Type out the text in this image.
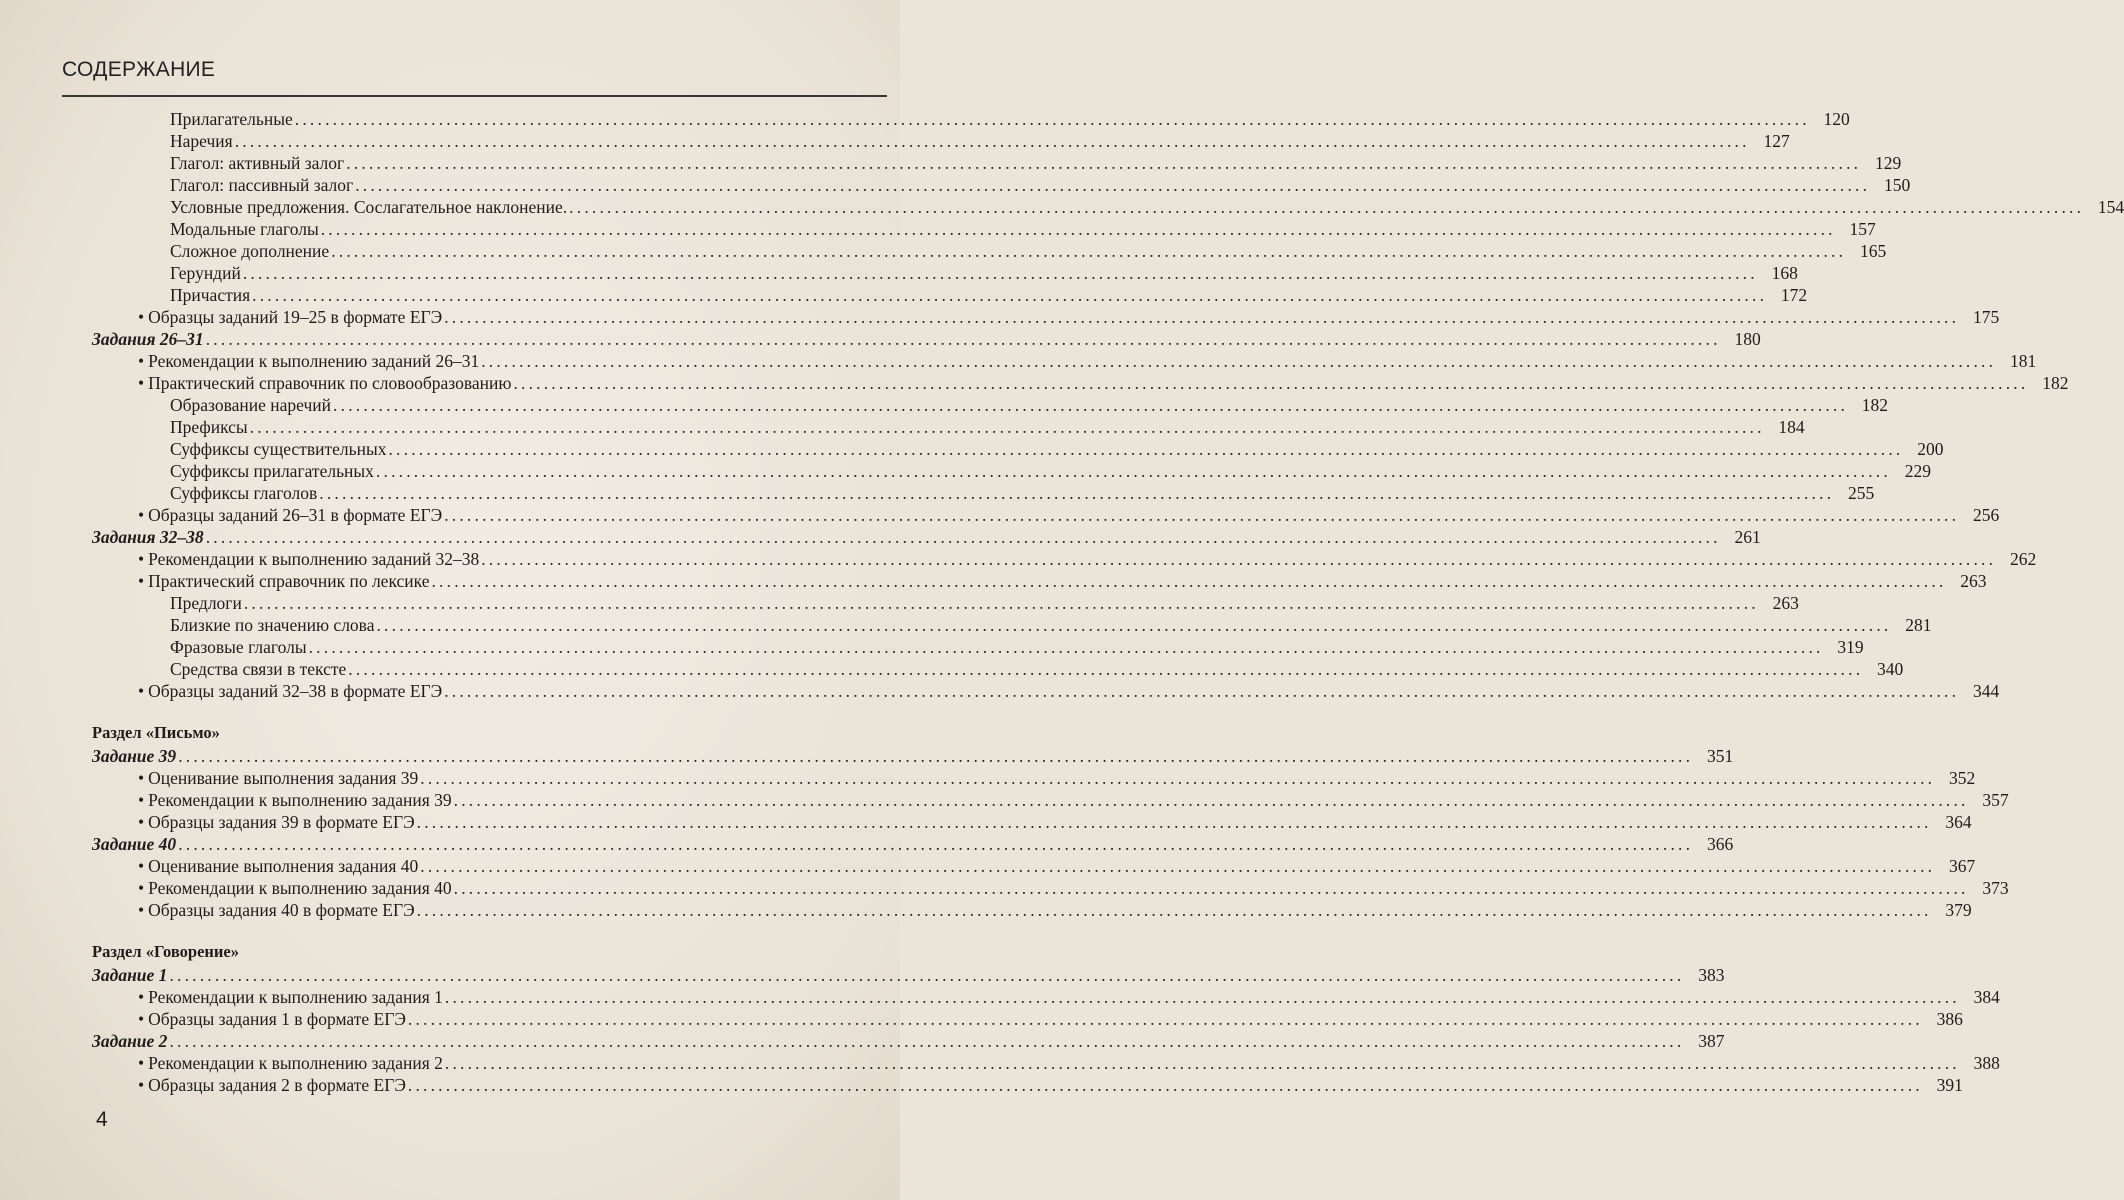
СОДЕРЖАНИЕ
Прилагательные ........................................................................................................................................................................................................ 120
Наречия ........................................................................................................................................................................................................ 127
Глагол: активный залог ........................................................................................................................................................................................................ 129
Глагол: пассивный залог ........................................................................................................................................................................................................ 150
Условные предложения. Сослагательное наклонение. ........................................................................................................................................................................................................ 154
Модальные глаголы ........................................................................................................................................................................................................ 157
Сложное дополнение ........................................................................................................................................................................................................ 165
Герундий ........................................................................................................................................................................................................ 168
Причастия ........................................................................................................................................................................................................ 172
• Образцы заданий 19–25 в формате ЕГЭ ........................................................................................................................................................................................................ 175
Задания 26–31 ........................................................................................................................................................................................................ 180
• Рекомендации к выполнению заданий 26–31 ........................................................................................................................................................................................................ 181
• Практический справочник по словообразованию ........................................................................................................................................................................................................ 182
Образование наречий ........................................................................................................................................................................................................ 182
Префиксы ........................................................................................................................................................................................................ 184
Суффиксы существительных ........................................................................................................................................................................................................ 200
Суффиксы прилагательных ........................................................................................................................................................................................................ 229
Суффиксы глаголов ........................................................................................................................................................................................................ 255
• Образцы заданий 26–31 в формате ЕГЭ ........................................................................................................................................................................................................ 256
Задания 32–38 ........................................................................................................................................................................................................ 261
• Рекомендации к выполнению заданий 32–38 ........................................................................................................................................................................................................ 262
• Практический справочник по лексике ........................................................................................................................................................................................................ 263
Предлоги ........................................................................................................................................................................................................ 263
Близкие по значению слова ........................................................................................................................................................................................................ 281
Фразовые глаголы ........................................................................................................................................................................................................ 319
Средства связи в тексте ........................................................................................................................................................................................................ 340
• Образцы заданий 32–38 в формате ЕГЭ ........................................................................................................................................................................................................ 344
Раздел «Письмо»
Задание 39 ........................................................................................................................................................................................................ 351
• Оценивание выполнения задания 39 ........................................................................................................................................................................................................ 352
• Рекомендации к выполнению задания 39 ........................................................................................................................................................................................................ 357
• Образцы задания 39 в формате ЕГЭ ........................................................................................................................................................................................................ 364
Задание 40 ........................................................................................................................................................................................................ 366
• Оценивание выполнения задания 40 ........................................................................................................................................................................................................ 367
• Рекомендации к выполнению задания 40 ........................................................................................................................................................................................................ 373
• Образцы задания 40 в формате ЕГЭ ........................................................................................................................................................................................................ 379
Раздел «Говорение»
Задание 1 ........................................................................................................................................................................................................ 383
• Рекомендации к выполнению задания 1 ........................................................................................................................................................................................................ 384
• Образцы задания 1 в формате ЕГЭ ........................................................................................................................................................................................................ 386
Задание 2 ........................................................................................................................................................................................................ 387
• Рекомендации к выполнению задания 2 ........................................................................................................................................................................................................ 388
• Образцы задания 2 в формате ЕГЭ ........................................................................................................................................................................................................ 391
4
